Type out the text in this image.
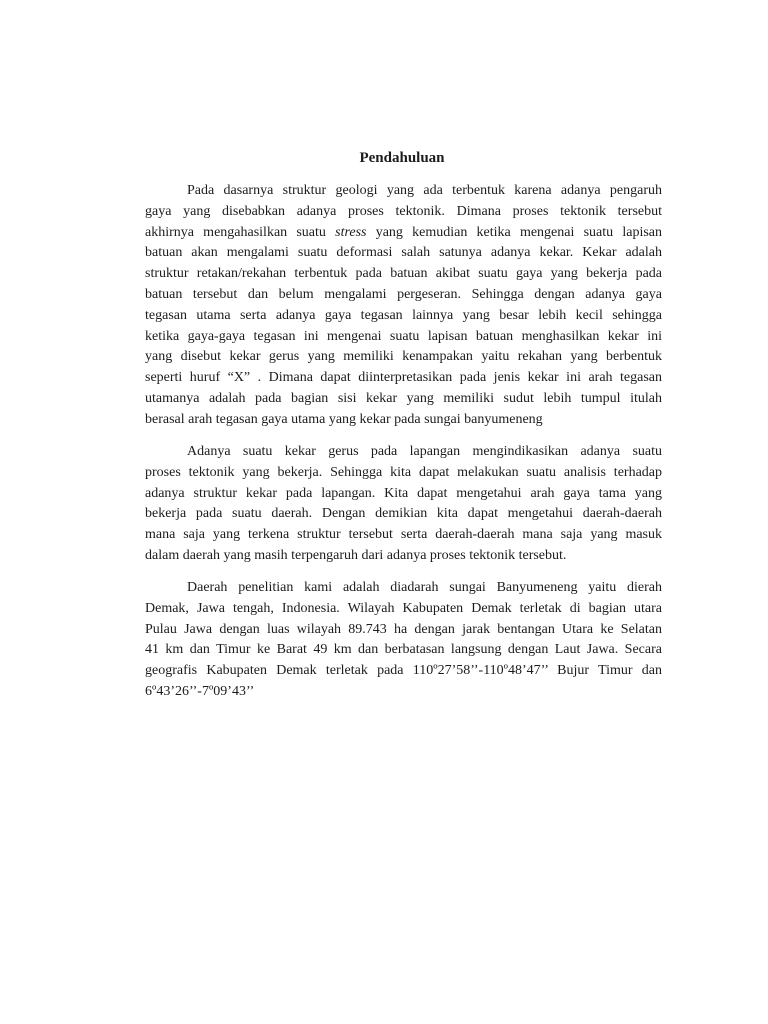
Pendahuluan
Pada dasarnya struktur geologi yang ada terbentuk karena adanya pengaruh
gaya yang disebabkan adanya proses tektonik. Dimana proses tektonik tersebut
akhirnya mengahasilkan suatu stress yang kemudian ketika mengenai suatu lapisan
batuan akan mengalami suatu deformasi salah satunya adanya kekar. Kekar adalah
struktur retakan/rekahan terbentuk pada batuan akibat suatu gaya yang bekerja pada
batuan tersebut dan belum mengalami pergeseran. Sehingga dengan adanya gaya
tegasan utama serta adanya gaya tegasan lainnya yang besar lebih kecil sehingga
ketika gaya-gaya tegasan ini mengenai suatu lapisan batuan menghasilkan kekar ini
yang disebut kekar gerus yang memiliki kenampakan yaitu rekahan yang berbentuk
seperti huruf “X” . Dimana dapat diinterpretasikan pada jenis kekar ini arah tegasan
utamanya adalah pada bagian sisi kekar yang memiliki sudut lebih tumpul itulah
berasal arah tegasan gaya utama yang kekar pada sungai banyumeneng
Adanya suatu kekar gerus pada lapangan mengindikasikan adanya suatu
proses tektonik yang bekerja. Sehingga kita dapat melakukan suatu analisis terhadap
adanya struktur kekar pada lapangan. Kita dapat mengetahui arah gaya tama yang
bekerja pada suatu daerah. Dengan demikian kita dapat mengetahui daerah-daerah
mana saja yang terkena struktur tersebut serta daerah-daerah mana saja yang masuk
dalam daerah yang masih terpengaruh dari adanya proses tektonik tersebut.
Daerah penelitian kami adalah diadarah sungai Banyumeneng yaitu dierah
Demak, Jawa tengah, Indonesia. Wilayah Kabupaten Demak terletak di bagian utara
Pulau Jawa dengan luas wilayah 89.743 ha dengan jarak bentangan Utara ke Selatan
41 km dan Timur ke Barat 49 km dan berbatasan langsung dengan Laut Jawa. Secara
geografis Kabupaten Demak terletak pada 110º27’58’’-110º48’47’’ Bujur Timur dan
6º43’26’’-7º09’43’’
